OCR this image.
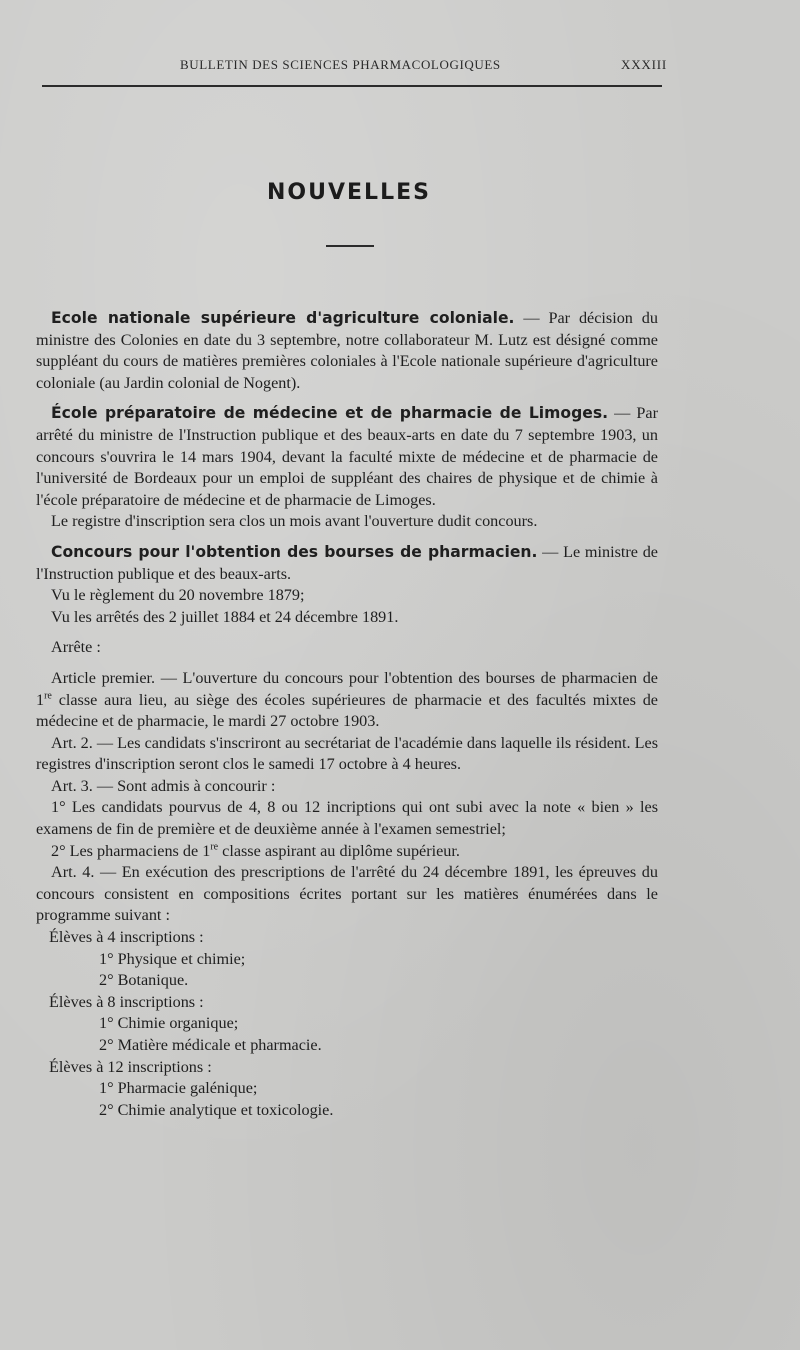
BULLETIN DES SCIENCES PHARMACOLOGIQUES	XXXIII
NOUVELLES

Ecole nationale supérieure d'agriculture coloniale. — Par décision du ministre des Colonies en date du 3 septembre, notre collaborateur M. Lutz est désigné comme suppléant du cours de matières premières coloniales à l'Ecole nationale supérieure d'agriculture coloniale (au Jardin colonial de Nogent).

École préparatoire de médecine et de pharmacie de Limoges. — Par arrêté du ministre de l'Instruction publique et des beaux-arts en date du 7 septembre 1903, un concours s'ouvrira le 14 mars 1904, devant la faculté mixte de médecine et de pharmacie de l'université de Bordeaux pour un emploi de suppléant des chaires de physique et de chimie à l'école préparatoire de médecine et de pharmacie de Limoges.

Le registre d'inscription sera clos un mois avant l'ouverture dudit concours.

Concours pour l'obtention des bourses de pharmacien. — Le ministre de l'Instruction publique et des beaux-arts.

Vu le règlement du 20 novembre 1879;

Vu les arrêtés des 2 juillet 1884 et 24 décembre 1891.

Arrête :

Article premier. — L'ouverture du concours pour l'obtention des bourses de pharmacien de 1re classe aura lieu, au siège des écoles supérieures de pharmacie et des facultés mixtes de médecine et de pharmacie, le mardi 27 octobre 1903.

Art. 2. — Les candidats s'inscriront au secrétariat de l'académie dans laquelle ils résident. Les registres d'inscription seront clos le samedi 17 octobre à 4 heures.

Art. 3. — Sont admis à concourir :

1° Les candidats pourvus de 4, 8 ou 12 incriptions qui ont subi avec la note « bien » les examens de fin de première et de deuxième année à l'examen semestriel;

2° Les pharmaciens de 1re classe aspirant au diplôme supérieur.

Art. 4. — En exécution des prescriptions de l'arrêté du 24 décembre 1891, les épreuves du concours consistent en compositions écrites portant sur les matières énumérées dans le programme suivant :

Élèves à 4 inscriptions :

1° Physique et chimie;

2° Botanique.

Élèves à 8 inscriptions :

1° Chimie organique;

2° Matière médicale et pharmacie.

Élèves à 12 inscriptions :

1° Pharmacie galénique;

2° Chimie analytique et toxicologie.
